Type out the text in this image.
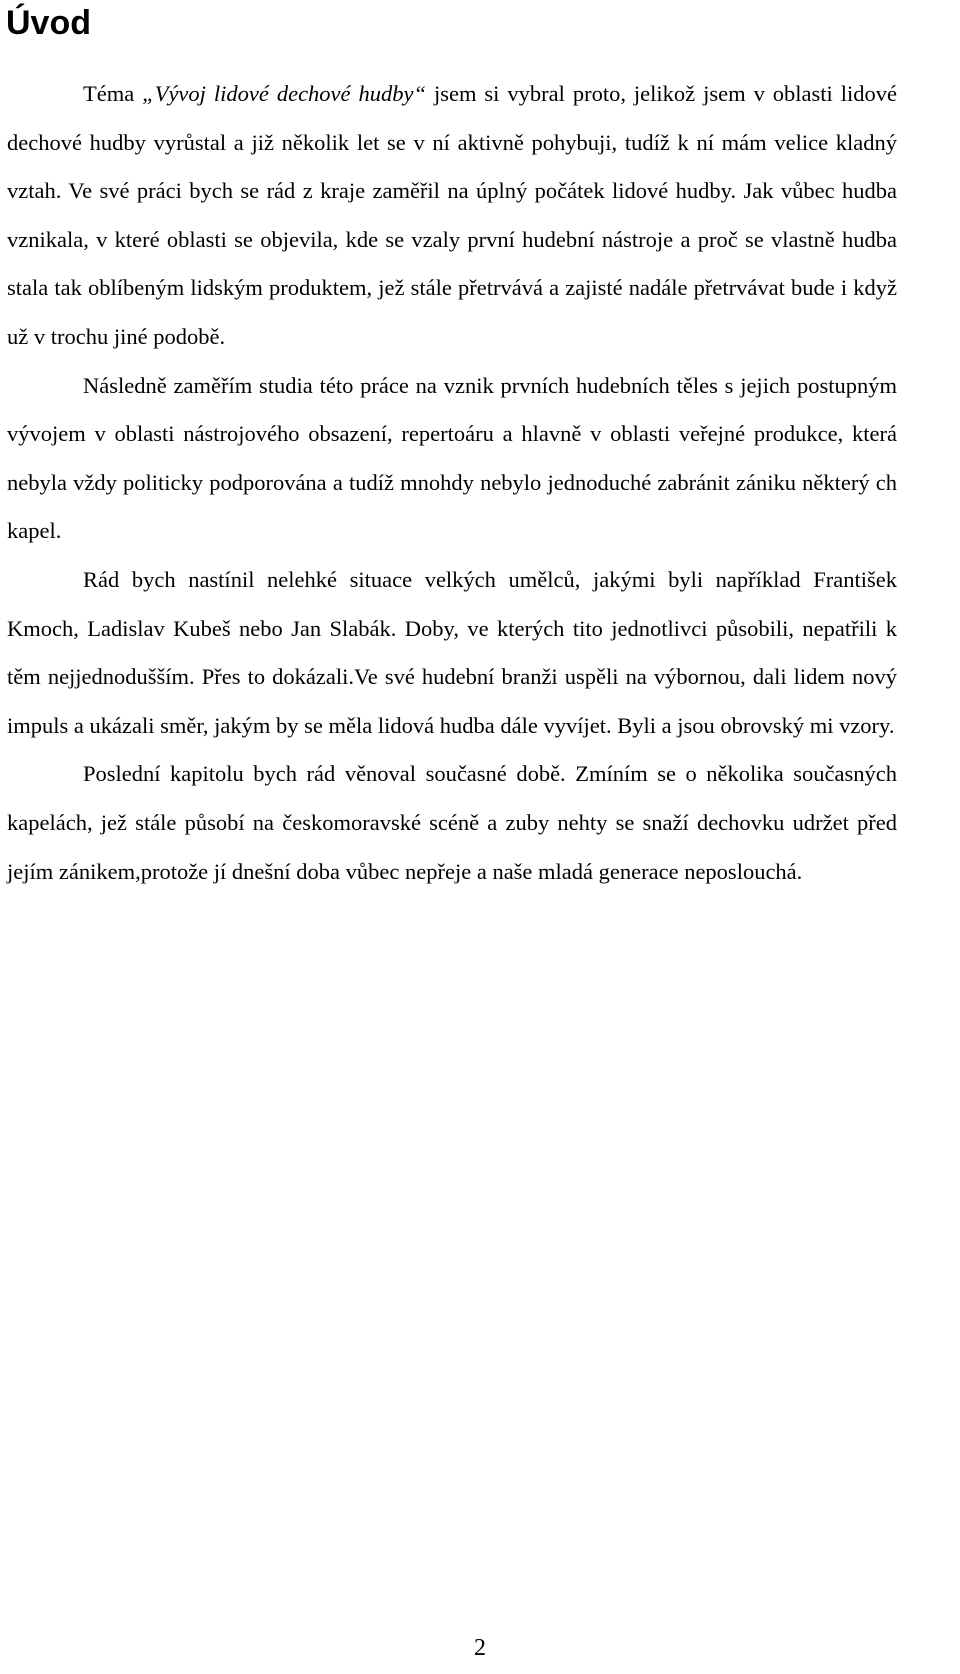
Úvod

Téma „Vývoj lidové dechové hudby“ jsem si vybral proto, jelikož jsem v oblasti lidové dechové hudby vyrůstal a již několik let se v ní aktivně pohybuji, tudíž k ní mám velice kladný vztah. Ve své práci bych se rád z kraje zaměřil na úplný počátek lidové hudby. Jak vůbec hudba vznikala, v které oblasti se objevila, kde se vzaly první hudební nástroje a proč se vlastně hudba stala tak oblíbeným lidským produktem, jež stále přetrvává a zajisté nadále přetrvávat bude i když už v trochu jiné podobě.

Následně zaměřím studia této práce na vznik prvních hudebních těles s jejich postupným vývojem v oblasti nástrojového obsazení, repertoáru a hlavně v oblasti veřejné produkce, která nebyla vždy politicky podporována a tudíž mnohdy nebylo jednoduché zabránit zániku některý ch kapel.

Rád bych nastínil nelehké situace velkých umělců, jakými byli například František Kmoch, Ladislav Kubeš nebo Jan Slabák. Doby, ve kterých tito jednotlivci působili, nepatřili k těm nejjednodušším. Přes to dokázali.Ve své hudební branži uspěli na výbornou, dali lidem nový impuls a ukázali směr, jakým by se měla lidová hudba dále vyvíjet. Byli a jsou obrovský mi vzory.

Poslední kapitolu bych rád věnoval současné době. Zmíním se o několika současných kapelách, jež stále působí na českomoravské scéně a zuby nehty se snaží dechovku udržet před jejím zánikem,protože jí dnešní doba vůbec nepřeje a naše mladá generace neposlouchá.

2
